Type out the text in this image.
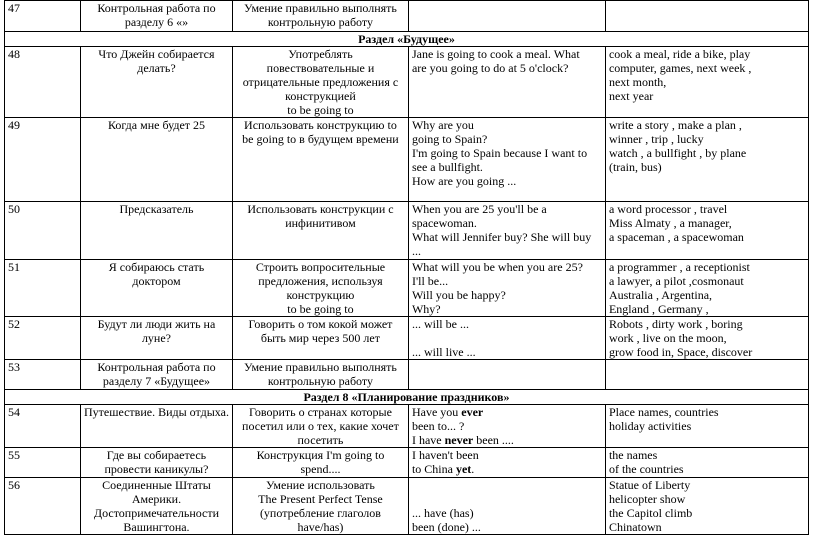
47	Контрольная работа по
разделу 6 «»	Умение правильно выполнять
контрольную работу		

Раздел «Будущее»				
48	Что Джейн собирается
делать?	Употреблять
повествовательные и
отрицательные предложения с
конструкцией
to be going to	Jane is going to cook a meal. What
are you going to do at 5 o'clock?	cook a meal, ride a bike, play
computer, games, next week ,
next month,
next year

49	Когда мне будет 25	Использовать конструкцию to
be going to в будущем времени	Why are you
going to Spain?
I'm going to Spain because I want to
see a bullfight.
How are you going ...	write a story , make a plan ,
winner , trip , lucky
watch , a bullfight , by plane
(train, bus)

50	Предсказатель	Использовать конструкции с
инфинитивом	When you are 25 you'll be a
spacewoman.
What will Jennifer buy? She will buy
...	a word processor , travel
Miss Almaty , a manager,
a spaceman , a spacewoman

51	Я собираюсь стать
доктором	Строить вопросительные
предложения, используя
конструкцию
to be going to	What will you be when you are 25?
I'll be...
Will you be happy?
Why?	a programmer , a receptionist
a lawyer, a pilot ,cosmonaut
Australia , Argentina,
England , Germany ,

52	Будут ли люди жить на
луне?	Говорить о том кокой может
быть мир через 500 лет	... will be ...

... will live ...	Robots , dirty work , boring
work , live on the moon,
grow food in, Space, discover

53	Контрольная работа по
разделу 7 «Будущее»	Умение правильно выполнять
контрольную работу		

Раздел 8 «Планирование праздников»				
54	Путешествие. Виды отдыха.	Говорить о странах которые
посетил или о тех, какие хочет
посетить	Have you ever
been to... ?
I have never been ....	Place names, countries
holiday activities

55	Где вы собираетесь
провести каникулы?	Конструкция I'm going to
spend....	I haven't been
to China yet.	the names
of the countries

56	Соединенные Штаты
Америки.
Достопримечательности
Вашингтона.	Умение использовать
The Present Perfect Tense
(употребление глаголов
have/has)	... have (has)
been (done) ...	Statue of Liberty
helicopter show
the Capitol climb
Chinatown
